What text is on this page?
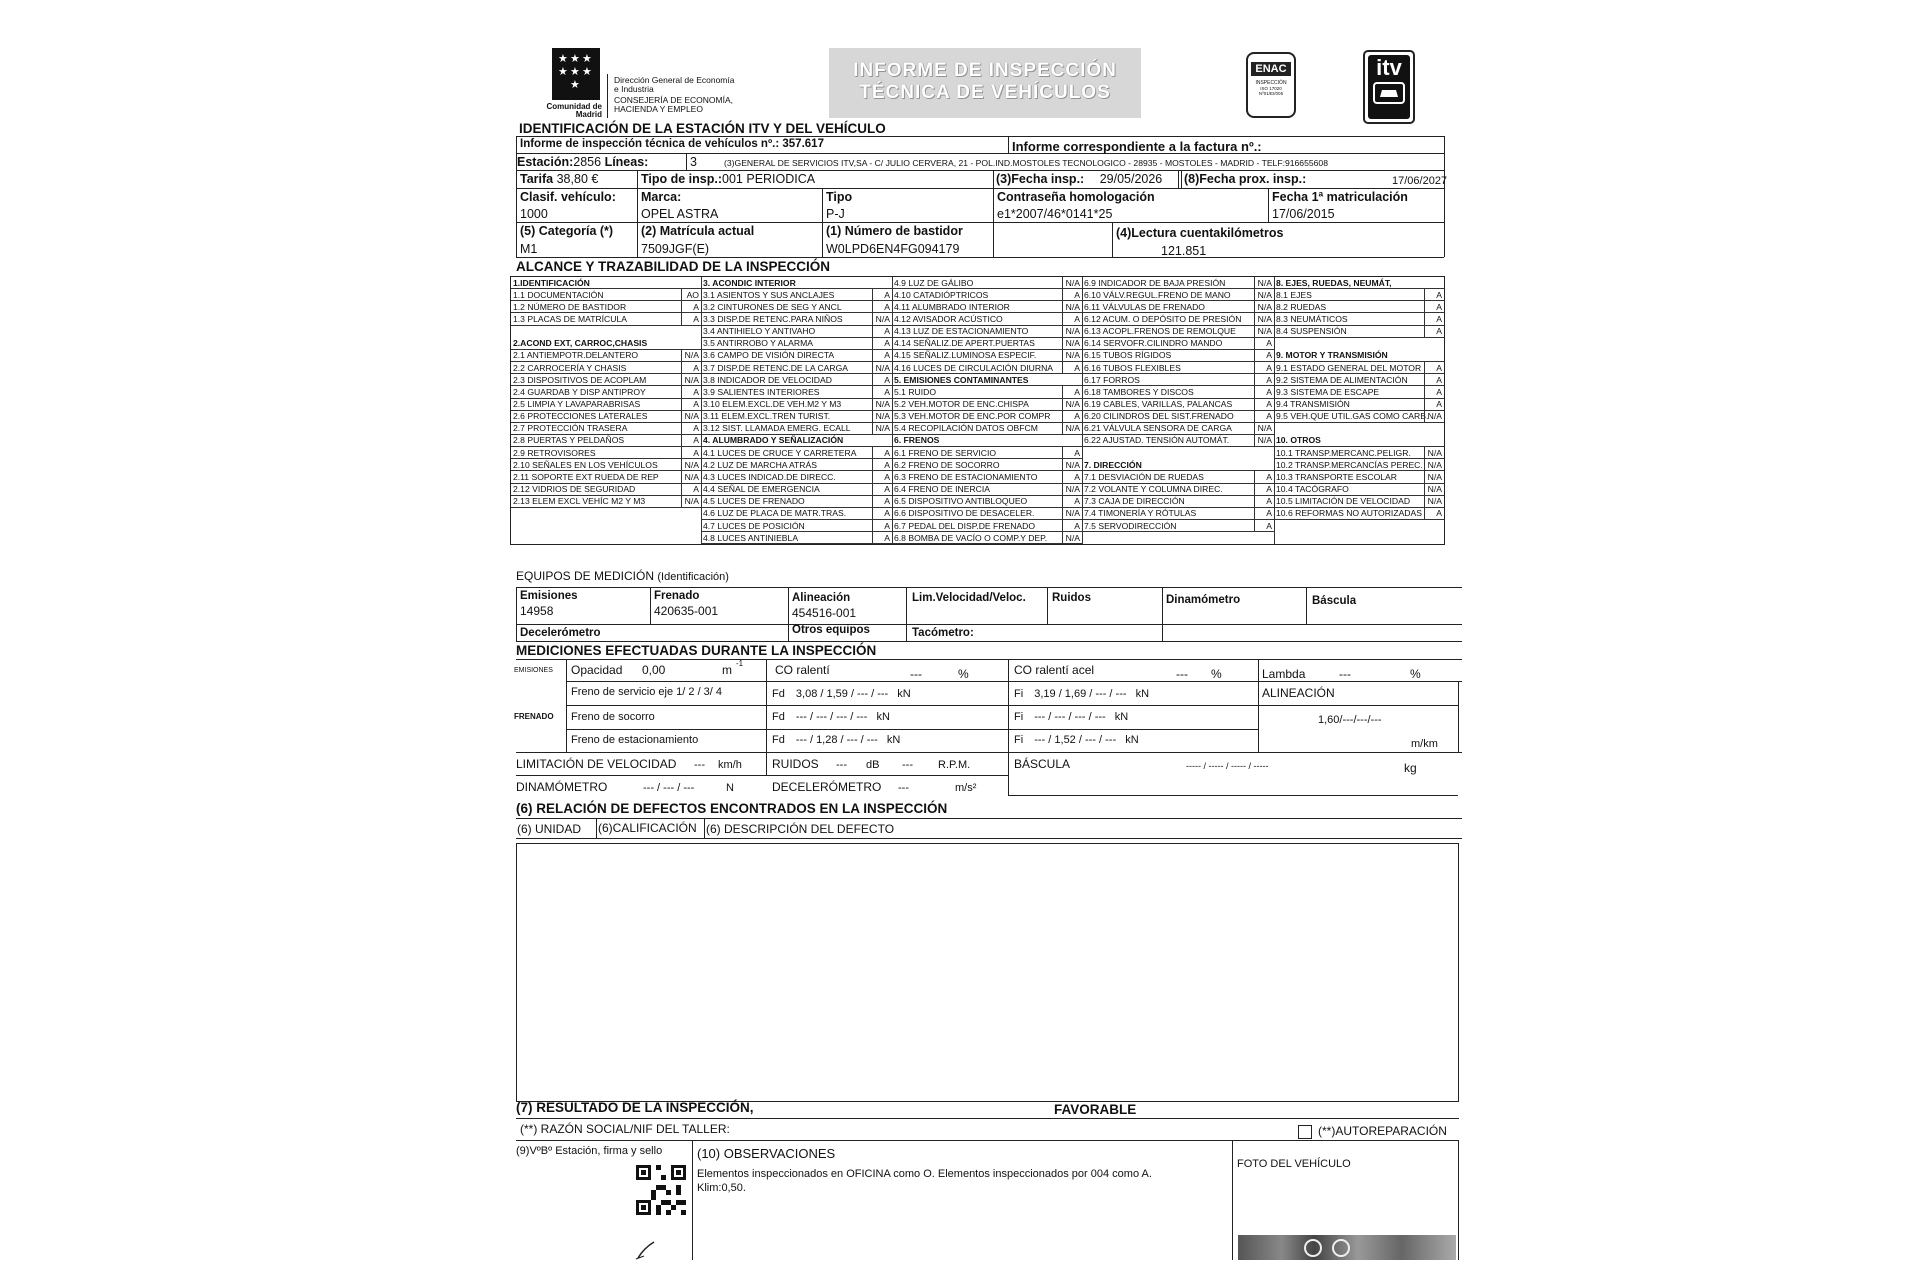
★ ★ ★
★ ★ ★
★
Comunidad de Madrid
Dirección General de Economía
e Industria
CONSEJERÍA DE ECONOMÍA,
HACIENDA Y EMPLEO
INFORME DE INSPECCIÓN
TÉCNICA DE VEHÍCULOS
ENAC
INSPECCIÓN
ISO 17020
Nº01/EI/005
itv
IDENTIFICACIÓN DE LA ESTACIÓN ITV Y DEL VEHÍCULO
Informe de inspección técnica de vehículos nº.: 357.617	Informe correspondiente a la factura nº.:
Estación:2856 Líneas:	3	(3)GENERAL DE SERVICIOS ITV,SA - C/ JULIO CERVERA, 21 - POL.IND.MOSTOLES TECNOLOGICO - 28935 - MOSTOLES - MADRID - TELF:916655608
Tarifa 38,80 €	Tipo de insp.:001 PERIODICA	(3)Fecha insp.: 29/05/2026 (8)Fecha prox. insp.:	17/06/2027
Clasif. vehículo:
1000
Marca:
OPEL ASTRA
Tipo
P-J
Contraseña homologación
e1*2007/46*0141*25
Fecha 1ª matriculación
17/06/2015
(5) Categoría (*)
M1
(2) Matrícula actual
7509JGF(E)
(1) Número de bastidor
W0LPD6EN4FG094179
(4)Lectura cuentakilómetros
121.851
ALCANCE Y TRAZABILIDAD DE LA INSPECCIÓN
1.IDENTIFICACIÓN
1.1 DOCUMENTACIÓN	AO
1.2 NÚMERO DE BASTIDOR	A
1.3 PLACAS DE MATRÍCULA	A
2.ACOND EXT, CARROC,CHASIS
2.1 ANTIEMPOTR.DELANTERO	N/A
2.2 CARROCERÍA Y CHASIS	A
2.3 DISPOSITIVOS DE ACOPLAM	N/A
2.4 GUARDAB Y DISP ANTIPROY	A
2.5 LIMPIA Y LAVAPARABRISAS	A
2.6 PROTECCIONES LATERALES	N/A
2.7 PROTECCIÓN TRASERA	A
2.8 PUERTAS Y PELDAÑOS	A
2.9 RETROVISORES	A
2.10 SEÑALES EN LOS VEHÍCULOS	N/A
2.11 SOPORTE EXT RUEDA DE REP	N/A
2.12 VIDRIOS DE SEGURIDAD	A
2.13 ELEM EXCL VEHÍC M2 Y M3	N/A
3. ACONDIC INTERIOR
3.1 ASIENTOS Y SUS ANCLAJES	A
3.2 CINTURONES DE SEG Y ANCL	A
3.3 DISP.DE RETENC.PARA NIÑOS	N/A
3.4 ANTIHIELO Y ANTIVAHO	A
3.5 ANTIRROBO Y ALARMA	A
3.6 CAMPO DE VISIÓN DIRECTA	A
3.7 DISP.DE RETENC.DE LA CARGA	N/A
3.8 INDICADOR DE VELOCIDAD	A
3.9 SALIENTES INTERIORES	A
3.10 ELEM.EXCL.DE VEH.M2 Y M3	N/A
3.11 ELEM.EXCL.TREN TURIST.	N/A
3.12 SIST. LLAMADA EMERG. ECALL	N/A
4. ALUMBRADO Y SEÑALIZACIÓN
4.1 LUCES DE CRUCE Y CARRETERA	A
4.2 LUZ DE MARCHA ATRÁS	A
4.3 LUCES INDICAD.DE DIRECC.	A
4.4 SEÑAL DE EMERGENCIA	A
4.5 LUCES DE FRENADO	A
4.6 LUZ DE PLACA DE MATR.TRAS.	A
4.7 LUCES DE POSICIÓN	A
4.8 LUCES ANTINIEBLA	A
4.9 LUZ DE GÁLIBO	N/A
4.10 CATADIÓPTRICOS	A
4.11 ALUMBRADO INTERIOR	N/A
4.12 AVISADOR ACÚSTICO	A
4.13 LUZ DE ESTACIONAMIENTO	N/A
4.14 SEÑALIZ.DE APERT.PUERTAS	N/A
4.15 SEÑALIZ.LUMINOSA ESPECIF.	N/A
4.16 LUCES DE CIRCULACIÓN DIURNA A
5. EMISIONES CONTAMINANTES
5.1 RUIDO	A
5.2 VEH.MOTOR DE ENC.CHISPA	N/A
5.3 VEH.MOTOR DE ENC.POR COMPR	A
5.4 RECOPILACIÓN DATOS OBFCM	N/A
6. FRENOS
6.1 FRENO DE SERVICIO	A
6.2 FRENO DE SOCORRO	N/A
6.3 FRENO DE ESTACIONAMIENTO	A
6.4 FRENO DE INERCIA	N/A
6.5 DISPOSITIVO ANTIBLOQUEO	A
6.6 DISPOSITIVO DE DESACELER.	N/A
6.7 PEDAL DEL DISP.DE FRENADO	A
6.8 BOMBA DE VACÍO O COMP.Y DEP. N/A
6.9 INDICADOR DE BAJA PRESIÓN	N/A
6.10 VÁLV.REGUL.FRENO DE MANO	N/A
6.11 VÁLVULAS DE FRENADO	N/A
6.12 ACUM. O DEPÓSITO DE PRESIÓN N/A
6.13 ACOPL.FRENOS DE REMOLQUE	N/A
6.14 SERVOFR.CILINDRO MANDO	A
6.15 TUBOS RÍGIDOS	A
6.16 TUBOS FLEXIBLES	A
6.17 FORROS	A
6.18 TAMBORES Y DISCOS	A
6.19 CABLES, VARILLAS, PALANCAS	A
6.20 CILINDROS DEL SIST.FRENADO	A
6.21 VÁLVULA SENSORA DE CARGA	N/A
6.22 AJUSTAD. TENSIÓN AUTOMÁT.	N/A
7. DIRECCIÓN
7.1 DESVIACIÓN DE RUEDAS	A
7.2 VOLANTE Y COLUMNA DIREC.	A
7.3 CAJA DE DIRECCIÓN	A
7.4 TIMONERÍA Y RÓTULAS	A
7.5 SERVODIRECCIÓN	A
8. EJES, RUEDAS, NEUMÁT,
8.1 EJES	A
8.2 RUEDAS	A
8.3 NEUMÁTICOS	A
8.4 SUSPENSIÓN	A
9. MOTOR Y TRANSMISIÓN
9.1 ESTADO GENERAL DEL MOTOR A
9.2 SISTEMA DE ALIMENTACIÓN	A
9.3 SISTEMA DE ESCAPE	A
9.4 TRANSMISIÓN	A
9.5 VEH.QUE UTIL.GAS COMO CARB. N/A
10. OTROS
10.1 TRANSP.MERCANC.PELIGR. N/A
10.2 TRANSP.MERCANCÍAS PEREC. N/A
10.3 TRANSPORTE ESCOLAR	N/A
10.4 TACÓGRAFO	N/A
10.5 LIMITACIÓN DE VELOCIDAD N/A
10.6 REFORMAS NO AUTORIZADAS A
EQUIPOS DE MEDICIÓN (Identificación)
Emisiones
14958
Frenado
420635-001
Alineación
454516-001
Lim.Velocidad/Veloc. Ruidos	Dinamómetro	Báscula
Decelerómetro	Otros equipos	Tacómetro:
MEDICIONES EFECTUADAS DURANTE LA INSPECCIÓN
EMISIONES Opacidad 0,00	m -1	CO ralentí	---	%	CO ralentí acel	--- %	Lambda	---	%
FRENADO
Freno de servicio eje 1/ 2 / 3/ 4	Fd 3,08 / 1,59 / --- / --- kN	Fi 3,19 / 1,69 / --- / --- kN	ALINEACIÓN
Freno de socorro	Fd --- / --- / --- / --- kN	Fi --- / --- / --- / --- kN	1,60/---/---/---
Freno de estacionamiento	Fd --- / 1,28 / --- / --- kN	Fi --- / 1,52 / --- / --- kN	m/km
LIMITACIÓN DE VELOCIDAD --- km/h	RUIDOS --- dB --- R.P.M.	BÁSCULA	----- / ----- / ----- / -----	kg
DINAMÓMETRO	--- / --- / ---	N	DECELERÓMETRO ---	m/s²
(6) RELACIÓN DE DEFECTOS ENCONTRADOS EN LA INSPECCIÓN
(6) UNIDAD (6)CALIFICACIÓN (6) DESCRIPCIÓN DEL DEFECTO
(7) RESULTADO DE LA INSPECCIÓN,	FAVORABLE
(**) RAZÓN SOCIAL/NIF DEL TALLER:	(**)AUTOREPARACIÓN
(9)VºBº Estación, firma y sello	(10) OBSERVACIONES
Elementos inspeccionados en OFICINA como O. Elementos inspeccionados por 004 como A.
Klim:0,50.
FOTO DEL VEHÍCULO
